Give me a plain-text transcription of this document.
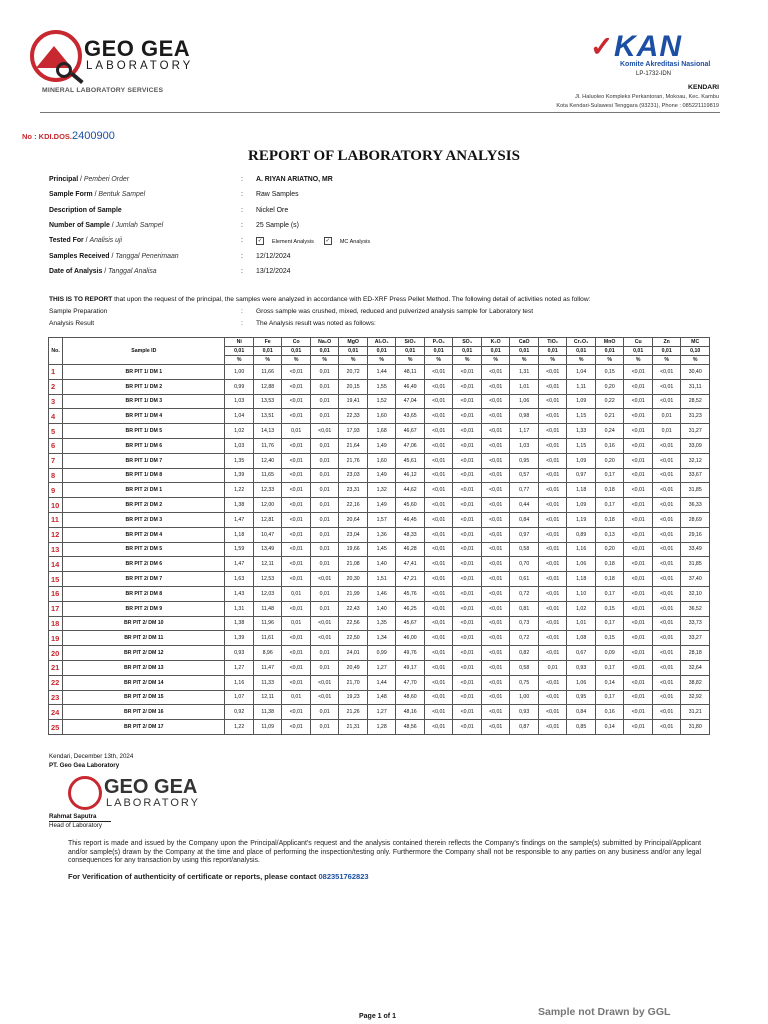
GEO GEA
LABORATORY
MINERAL LABORATORY SERVICES
✓ KAN
Komite Akreditasi Nasional
LP-1732-IDN
KENDARI
Jl. Haluoleo Kompleks Perkantoran, Mokoau, Kec. Kambu
Kota Kendari-Sulawesi Tenggara (93231), Phone : 085221119819
No : KDI.DOS.2400900
REPORT OF LABORATORY ANALYSIS
Principal / Pemberi Order	: A. RIYAN ARIATNO, MR
Sample Form / Bentuk Sampel	: Raw Samples
Description of Sample	: Nickel Ore
Number of Sample / Jumlah Sampel	: 25 Sample (s)
Tested For / Analisis uji	:	✓ Element Analysis ✓ MC Analysis
Samples Received / Tanggal Penerimaan	: 12/12/2024
Date of Analysis / Tanggal Analisa	: 13/12/2024
THIS IS TO REPORT that upon the request of the principal, the samples were analyzed in accordance with ED-XRF Press Pellet Method. The following detail of activities noted as follow:
Sample Preparation	: Gross sample was crushed, mixed, reduced and pulverized analysis sample for Laboratory test
Analysis Result	: The Analysis result was noted as follows:
No.	Sample ID	Ni	Fe	Co	Na₂O	MgO	Al₂O₃	SiO₂	P₂O₅	SO₃	K₂O	CaO	TiO₂	Cr₂O₃	MnO	Cu	Zn	MC
		0,01	0,01	0,01	0,01	0,01	0,01	0,01	0,01	0,01	0,01	0,01	0,01	0,01	0,01	0,01	0,01	0,10
		%	%	%	%	%	%	%	%	%	%	%	%	%	%	%	%	%
1	BR PIT 1/ DM 1	1,00	11,66	<0,01	0,01	20,72	1,44	48,11	<0,01	<0,01	<0,01	1,31	<0,01	1,04	0,15	<0,01	<0,01	30,40
2	BR PIT 1/ DM 2	0,99	12,88	<0,01	0,01	20,15	1,55	46,49	<0,01	<0,01	<0,01	1,01	<0,01	1,11	0,20	<0,01	<0,01	31,11
3	BR PIT 1/ DM 3	1,03	13,53	<0,01	0,01	19,41	1,52	47,04	<0,01	<0,01	<0,01	1,06	<0,01	1,09	0,22	<0,01	<0,01	28,52
4	BR PIT 1/ DM 4	1,04	13,51	<0,01	0,01	22,33	1,60	43,65	<0,01	<0,01	<0,01	0,98	<0,01	1,15	0,21	<0,01	0,01	31,23
5	BR PIT 1/ DM 5	1,02	14,13	0,01	<0,01	17,93	1,68	46,67	<0,01	<0,01	<0,01	1,17	<0,01	1,33	0,24	<0,01	0,01	31,27
6	BR PIT 1/ DM 6	1,03	11,76	<0,01	0,01	21,64	1,49	47,06	<0,01	<0,01	<0,01	1,03	<0,01	1,15	0,16	<0,01	<0,01	33,09
7	BR PIT 1/ DM 7	1,35	12,40	<0,01	0,01	21,76	1,60	45,61	<0,01	<0,01	<0,01	0,95	<0,01	1,09	0,20	<0,01	<0,01	32,12
8	BR PIT 1/ DM 8	1,39	11,65	<0,01	0,01	23,03	1,49	46,12	<0,01	<0,01	<0,01	0,57	<0,01	0,97	0,17	<0,01	<0,01	33,67
9	BR PIT 2/ DM 1	1,22	12,33	<0,01	0,01	23,31	1,32	44,62	<0,01	<0,01	<0,01	0,77	<0,01	1,18	0,18	<0,01	<0,01	31,85
10	BR PIT 2/ DM 2	1,38	12,00	<0,01	0,01	22,16	1,49	45,60	<0,01	<0,01	<0,01	0,44	<0,01	1,09	0,17	<0,01	<0,01	36,33
11	BR PIT 2/ DM 3	1,47	12,81	<0,01	0,01	20,64	1,57	46,45	<0,01	<0,01	<0,01	0,84	<0,01	1,19	0,18	<0,01	<0,01	28,69
12	BR PIT 2/ DM 4	1,18	10,47	<0,01	0,01	23,04	1,36	48,33	<0,01	<0,01	<0,01	0,97	<0,01	0,89	0,13	<0,01	<0,01	29,16
13	BR PIT 2/ DM 5	1,59	13,49	<0,01	0,01	19,66	1,45	46,28	<0,01	<0,01	<0,01	0,58	<0,01	1,16	0,20	<0,01	<0,01	33,49
14	BR PIT 2/ DM 6	1,47	12,11	<0,01	0,01	21,08	1,40	47,41	<0,01	<0,01	<0,01	0,70	<0,01	1,06	0,18	<0,01	<0,01	31,85
15	BR PIT 2/ DM 7	1,63	12,53	<0,01	<0,01	20,30	1,51	47,21	<0,01	<0,01	<0,01	0,61	<0,01	1,18	0,18	<0,01	<0,01	37,40
16	BR PIT 2/ DM 8	1,43	12,03	0,01	0,01	21,99	1,46	45,76	<0,01	<0,01	<0,01	0,72	<0,01	1,10	0,17	<0,01	<0,01	32,10
17	BR PIT 2/ DM 9	1,31	11,48	<0,01	0,01	22,43	1,40	46,25	<0,01	<0,01	<0,01	0,81	<0,01	1,02	0,15	<0,01	<0,01	36,52
18	BR PIT 2/ DM 10	1,38	11,96	0,01	<0,01	22,56	1,35	45,67	<0,01	<0,01	<0,01	0,73	<0,01	1,01	0,17	<0,01	<0,01	33,73
19	BR PIT 2/ DM 11	1,39	11,61	<0,01	<0,01	22,50	1,34	46,00	<0,01	<0,01	<0,01	0,72	<0,01	1,08	0,15	<0,01	<0,01	33,27
20	BR PIT 2/ DM 12	0,93	8,96	<0,01	0,01	24,01	0,99	49,76	<0,01	<0,01	<0,01	0,82	<0,01	0,67	0,09	<0,01	<0,01	28,18
21	BR PIT 2/ DM 13	1,27	11,47	<0,01	0,01	20,49	1,27	49,17	<0,01	<0,01	<0,01	0,58	0,01	0,93	0,17	<0,01	<0,01	32,64
22	BR PIT 2/ DM 14	1,16	11,33	<0,01	<0,01	21,70	1,44	47,70	<0,01	<0,01	<0,01	0,75	<0,01	1,06	0,14	<0,01	<0,01	38,82
23	BR PIT 2/ DM 15	1,07	12,11	0,01	<0,01	19,23	1,48	48,60	<0,01	<0,01	<0,01	1,00	<0,01	0,95	0,17	<0,01	<0,01	32,92
24	BR PIT 2/ DM 16	0,92	11,38	<0,01	0,01	21,26	1,27	48,16	<0,01	<0,01	<0,01	0,93	<0,01	0,84	0,16	<0,01	<0,01	31,21
25	BR PIT 2/ DM 17	1,22	11,09	<0,01	0,01	21,31	1,28	48,56	<0,01	<0,01	<0,01	0,87	<0,01	0,85	0,14	<0,01	<0,01	31,80
Kendari, December 13th, 2024
PT. Geo Gea Laboratory
GEO GEA
LABORATORY
Rahmat Saputra
Head of Laboratory
This report is made and issued by the Company upon the Principal/Applicant's request and the analysis contained therein reflects the Company's findings on the sample(s) submitted by Principal/Applicant and/or sample(s) drawn by the Company at the time and place of performing the inspection/testing only. Furthermore the Company shall not be responsible to any parties on any business and/or any legal consequences for any transaction by using this report/analysis.
For Verification of authenticity of certificate or reports, please contact 082351762823
Page 1 of 1	Sample not Drawn by GGL
